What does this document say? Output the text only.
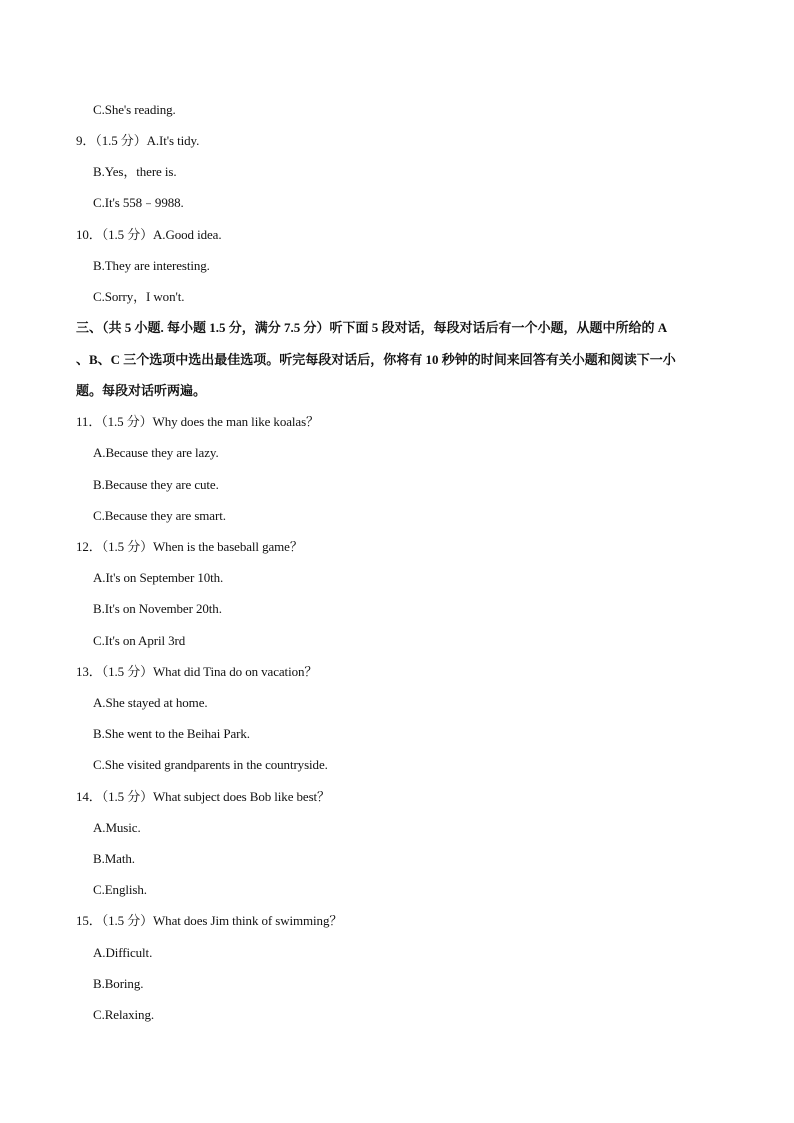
C.She's reading.
9．（1.5 分）A.It's tidy.
B.Yes，there is.
C.It's 558﹣9988.
10．（1.5 分）A.Good idea.
B.They are interesting.
C.Sorry，I won't.
三、（共 5 小题. 每小题 1.5 分，满分 7.5 分）听下面 5 段对话，每段对话后有一个小题，从题中所给的 A
、B、C 三个选项中选出最佳选项。听完每段对话后，你将有 10 秒钟的时间来回答有关小题和阅读下一小
题。每段对话听两遍。
11．（1.5 分）Why does the man like koalas？
A.Because they are lazy.
B.Because they are cute.
C.Because they are smart.
12．（1.5 分）When is the baseball game？
A.It's on September 10th.
B.It's on November 20th.
C.It's on April 3rd
13．（1.5 分）What did Tina do on vacation？
A.She stayed at home.
B.She went to the Beihai Park.
C.She visited grandparents in the countryside.
14．（1.5 分）What subject does Bob like best？
A.Music.
B.Math.
C.English.
15．（1.5 分）What does Jim think of swimming？
A.Difficult.
B.Boring.
C.Relaxing.
